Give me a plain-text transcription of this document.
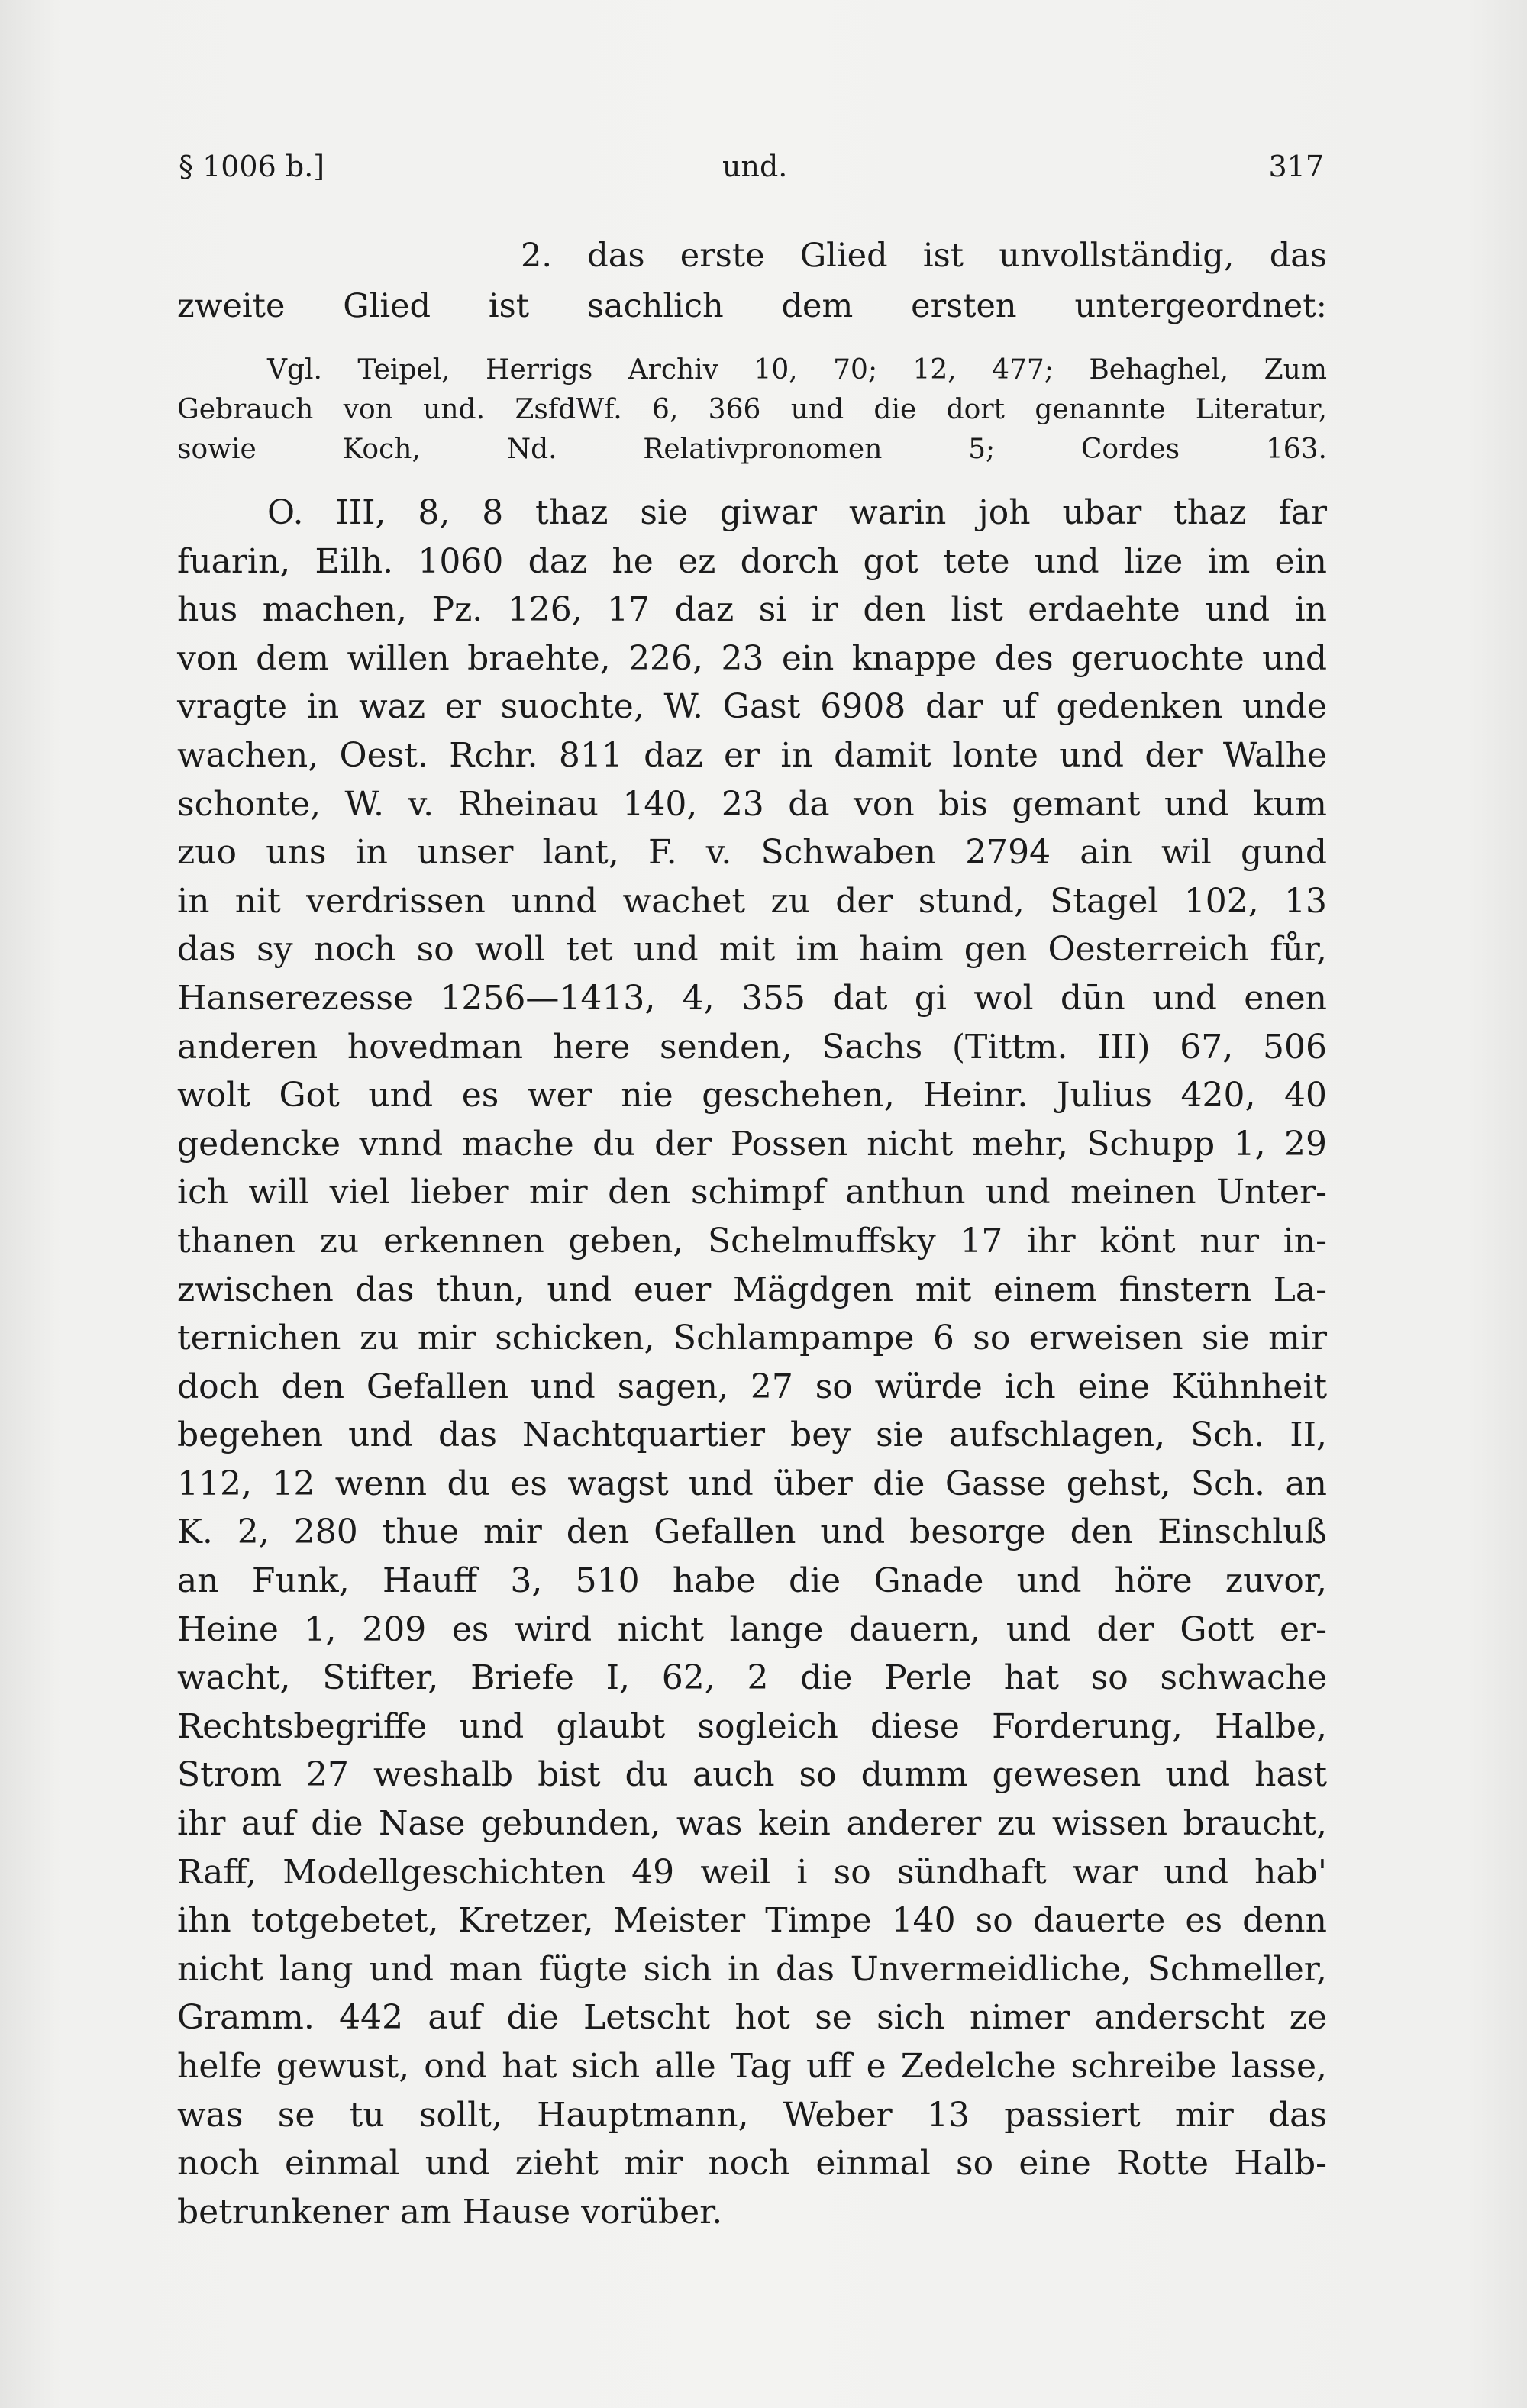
§ 1006 b.]	und.	317
2. das erste Glied ist unvollständig, das
zweite Glied ist sachlich dem ersten untergeordnet:
Vgl. Teipel, Herrigs Archiv 10, 70; 12, 477; Behaghel, Zum
Gebrauch von und. ZsfdWf. 6, 366 und die dort genannte Literatur,
sowie Koch, Nd. Relativpronomen 5; Cordes 163.
O. III, 8, 8 thaz sie giwar warin joh ubar thaz far
fuarin, Eilh. 1060 daz he ez dorch got tete und lize im ein
hus machen, Pz. 126, 17 daz si ir den list erdaehte und in
von dem willen braehte, 226, 23 ein knappe des geruochte und
vragte in waz er suochte, W. Gast 6908 dar uf gedenken unde
wachen, Oest. Rchr. 811 daz er in damit lonte und der Walhe
schonte, W. v. Rheinau 140, 23 da von bis gemant und kum
zuo uns in unser lant, F. v. Schwaben 2794 ain wil gund
in nit verdrissen unnd wachet zu der stund, Stagel 102, 13
das sy noch so woll tet und mit im haim gen Oesterreich fůr,
Hanserezesse 1256—1413, 4, 355 dat gi wol dūn und enen
anderen hovedman here senden, Sachs (Tittm. III) 67, 506
wolt Got und es wer nie geschehen, Heinr. Julius 420, 40
gedencke vnnd mache du der Possen nicht mehr, Schupp 1, 29
ich will viel lieber mir den schimpf anthun und meinen Unter-
thanen zu erkennen geben, Schelmuffsky 17 ihr könt nur in-
zwischen das thun, und euer Mägdgen mit einem finstern La-
ternichen zu mir schicken, Schlampampe 6 so erweisen sie mir
doch den Gefallen und sagen, 27 so würde ich eine Kühnheit
begehen und das Nachtquartier bey sie aufschlagen, Sch. II,
112, 12 wenn du es wagst und über die Gasse gehst, Sch. an
K. 2, 280 thue mir den Gefallen und besorge den Einschluß
an Funk, Hauff 3, 510 habe die Gnade und höre zuvor,
Heine 1, 209 es wird nicht lange dauern, und der Gott er-
wacht, Stifter, Briefe I, 62, 2 die Perle hat so schwache
Rechtsbegriffe und glaubt sogleich diese Forderung, Halbe,
Strom 27 weshalb bist du auch so dumm gewesen und hast
ihr auf die Nase gebunden, was kein anderer zu wissen braucht,
Raff, Modellgeschichten 49 weil i so sündhaft war und hab'
ihn totgebetet, Kretzer, Meister Timpe 140 so dauerte es denn
nicht lang und man fügte sich in das Unvermeidliche, Schmeller,
Gramm. 442 auf die Letscht hot se sich nimer anderscht ze
helfe gewust, ond hat sich alle Tag uff e Zedelche schreibe lasse,
was se tu sollt, Hauptmann, Weber 13 passiert mir das
noch einmal und zieht mir noch einmal so eine Rotte Halb-
betrunkener am Hause vorüber.
